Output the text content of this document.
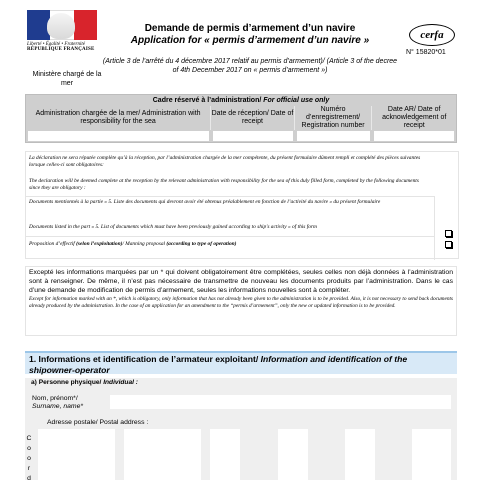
Liberté • Égalité • Fraternité
RÉPUBLIQUE FRANÇAISE
Ministère chargé de la mer
Demande de permis d’armement d’un navire
Application for « permis d’armement d’un navire »
(Article 3 de l’arrêté du 4 décembre 2017 relatif au permis d’armement)/ (Article 3 of the decree of 4th December 2017 on « permis d’armement »)
cerfa
N° 15820*01
Cadre réservé à l’administration/ For official use only
Administration chargée de la mer/ Administration with responsibility for the sea
Date de réception/ Date of receipt
Numéro d’enregistrement/ Registration number
Date AR/ Date of acknowledgement of receipt
La déclaration ne sera réputée complète qu’à la réception, par l’administration chargée de la mer compétente, du présent formulaire dûment rempli et complété des pièces suivantes lorsque celles-ci sont obligatoires:
The declaration will be deemed complete at the reception by the relevant administration with responsibility for the sea of this duly filled form, completed by the following documents since they are obligatory :
Documents mentionnés à la partie « 5. Liste des documents qui devront avoir été obtenus préalablement en fonction de l’activité du navire » du présent formulaire
Documents listed in the part « 5. List of documents which must have been previously gained according to ship's activity » of this form
Proposition d’effectif (selon l’exploitation)/ Manning proposal (according to type of operation)
Excepté les informations marquées par un * qui doivent obligatoirement être complétées, seules celles non déjà données à l’administration sont à renseigner. De même, il n’est pas nécessaire de transmettre de nouveau les documents produits par l’administration. Dans le cas d’une demande de modification de permis d’armement, seules les informations nouvelles sont à compléter.
Except for information marked with an *, which is obligatory, only information that has not already been given to the administration is to be provided. Also, it is not necessary to send back documents already produced by the administration. In the case of an application for an amendment to the “permis d’armement”, only the new or updated information is to be provided.
1. Informations et identification de l’armateur exploitant/ Information and identification of the shipowner-operator
a) Personne physique/ Individual :
Nom, prénom*/
Surname, name*
Adresse postale/ Postal address :
C
o
o
r
d
